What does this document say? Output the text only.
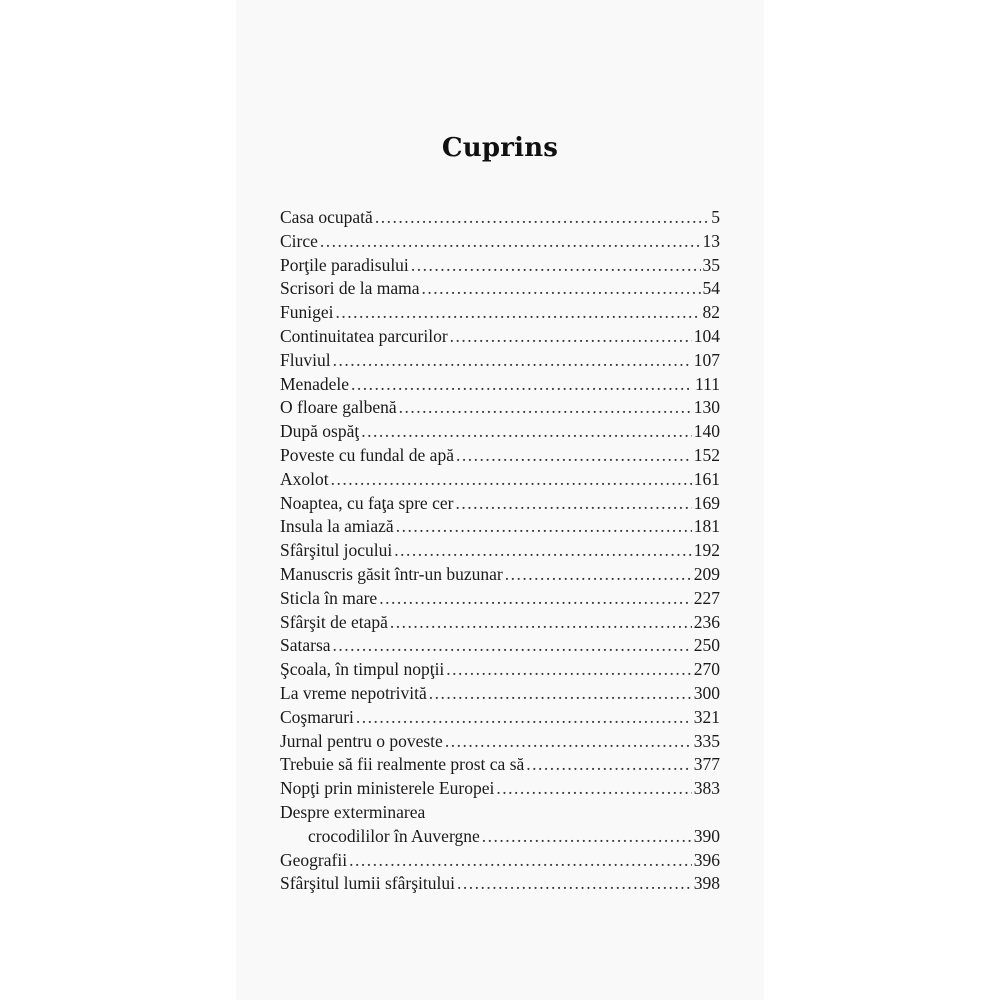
Cuprins
Casa ocupată .....	5
Circe .....	13
Porţile paradisului .....	35
Scrisori de la mama .....	54
Funigei .....	82
Continuitatea parcurilor .....	104
Fluviul .....	107
Menadele .....	111
O floare galbenă .....	130
După ospăţ .....	140
Poveste cu fundal de apă .....	152
Axolot .....	161
Noaptea, cu faţa spre cer .....	169
Insula la amiază .....	181
Sfârşitul jocului .....	192
Manuscris găsit într-un buzunar .....	209
Sticla în mare .....	227
Sfârşit de etapă .....	236
Satarsa .....	250
Şcoala, în timpul nopţii .....	270
La vreme nepotrivită .....	300
Coşmaruri .....	321
Jurnal pentru o poveste .....	335
Trebuie să fii realmente prost ca să .....	377
Nopţi prin ministerele Europei .....	383
Despre exterminarea
crocodililor în Auvergne .....	390
Geografii .....	396
Sfârşitul lumii sfârşitului .....	398
